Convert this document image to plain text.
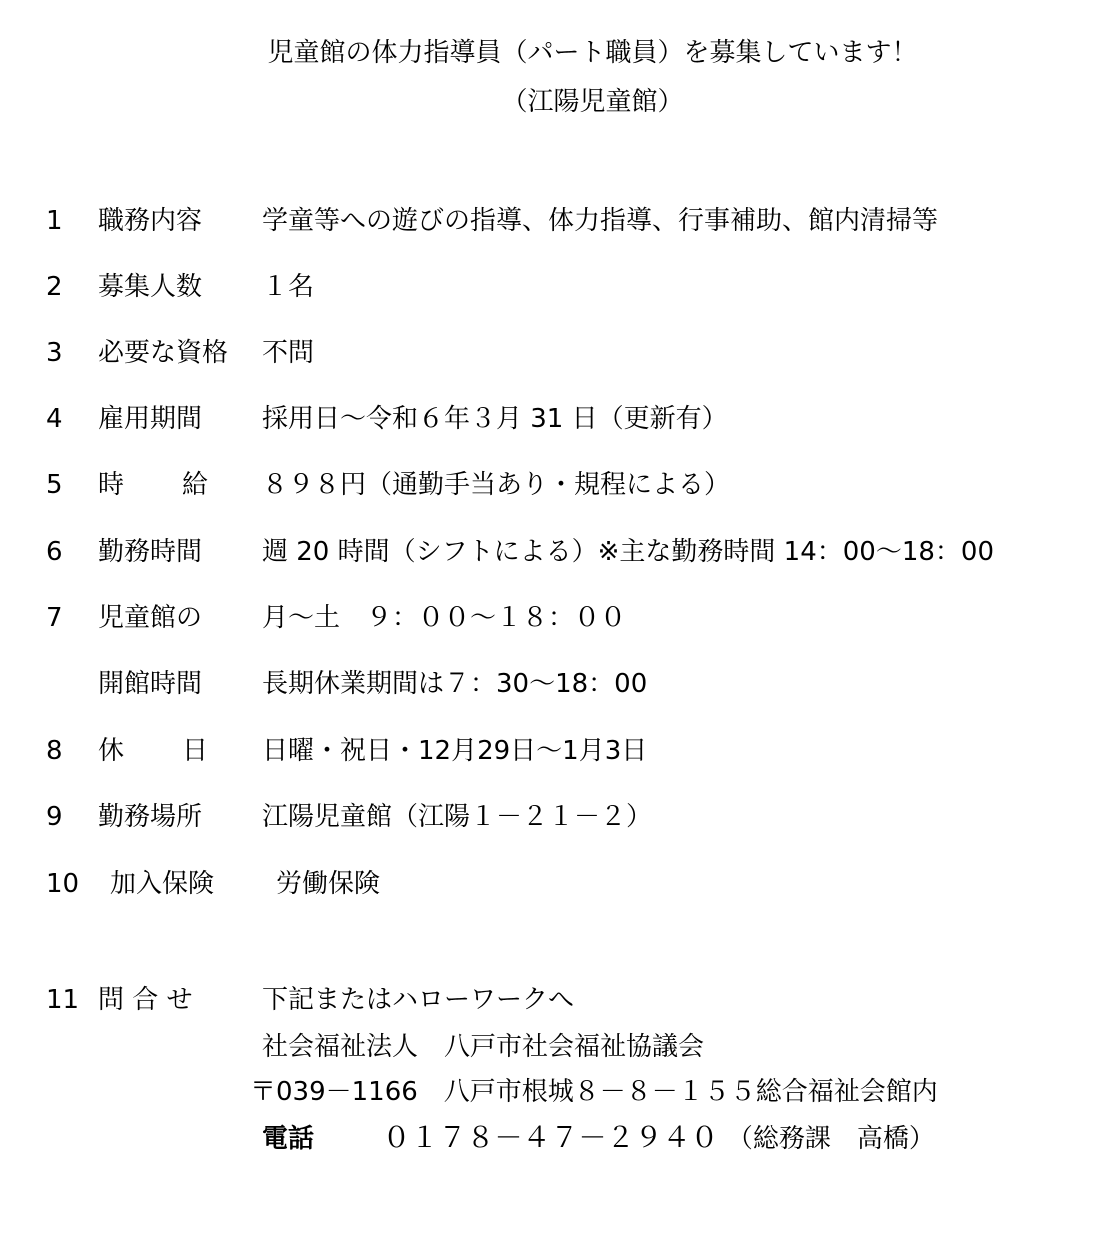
児童館の体力指導員（パート職員）を募集しています！
（江陽児童館）
1 職務内容 学童等への遊びの指導、体力指導、行事補助、館内清掃等
2 募集人数 １名
3 必要な資格 不問
4 雇用期間 採用日～令和６年３月 31 日（更新有）
5 時 給 ８９８円（通勤手当あり・規程による）
6 勤務時間 週 20 時間（シフトによる）※主な勤務時間 14：00～18：00
7 児童館の 月～土　９：００～１８：００
開館時間 長期休業期間は７：30～18：00
8 休 日 日曜・祝日・12月29日～1月3日
9 勤務場所 江陽児童館（江陽１－２１－２）
10 加入保険 労働保険
11 問 合 せ	下記またはハローワークへ
社会福祉法人　八戸市社会福祉協議会
〒039－1166　八戸市根城８－８－１５５総合福祉会館内
電話 ０１７８－４７－２９４０ （総務課　高橋）
